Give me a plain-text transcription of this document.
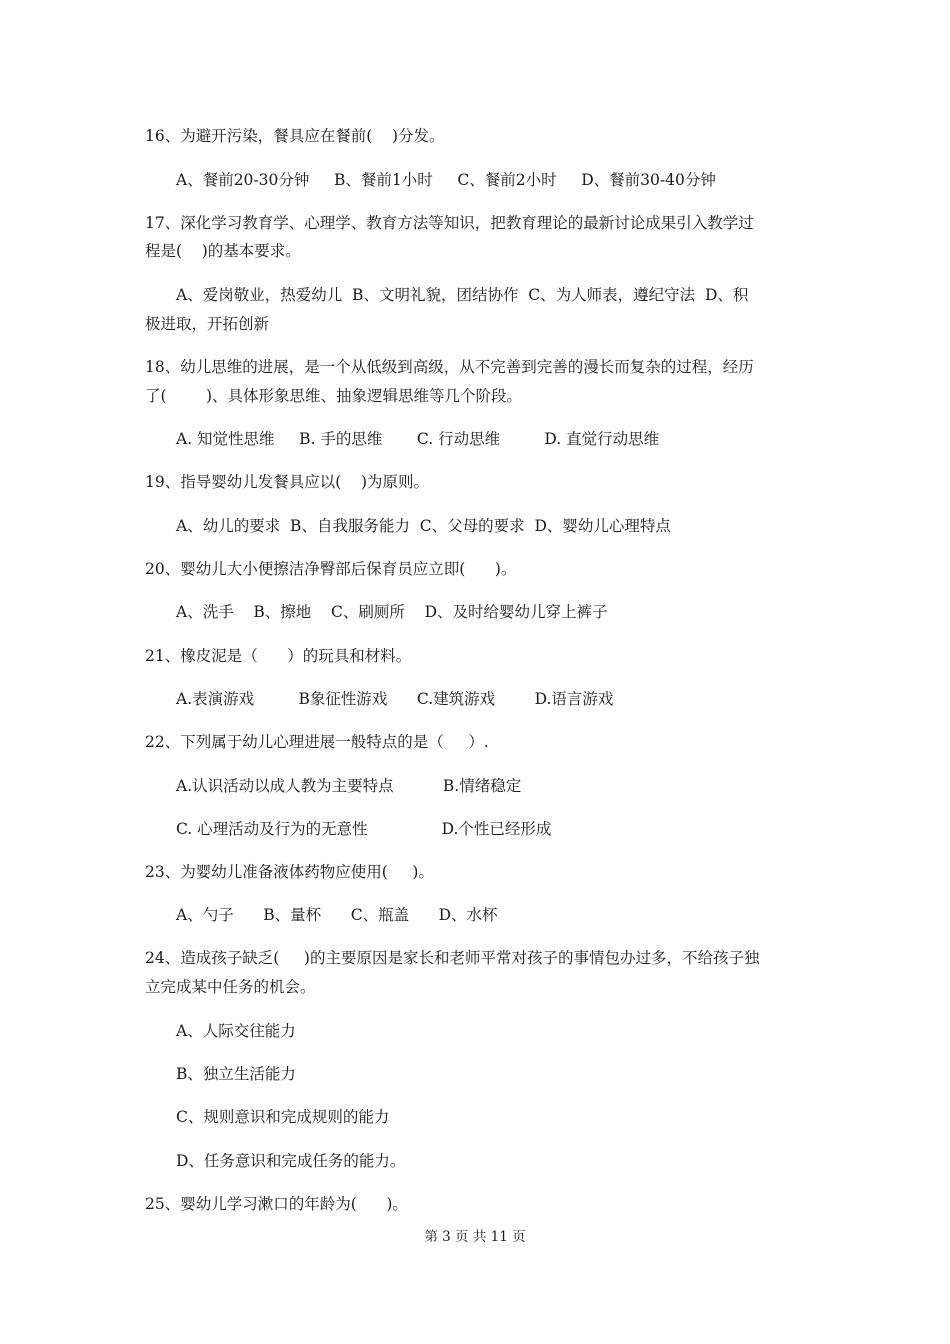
16、为避开污染，餐具应在餐前(    )分发。
A、餐前20-30分钟     B、餐前1小时     C、餐前2小时     D、餐前30-40分钟
17、深化学习教育学、心理学、教育方法等知识，把教育理论的最新讨论成果引入教学过
程是(    )的基本要求。
A、爱岗敬业，热爱幼儿  B、文明礼貌，团结协作  C、为人师表，遵纪守法  D、积
极进取，开拓创新
18、幼儿思维的进展，是一个从低级到高级，从不完善到完善的漫长而复杂的过程，经历
了(        )、具体形象思维、抽象逻辑思维等几个阶段。
A. 知觉性思维     B. 手的思维       C. 行动思维         D. 直觉行动思维
19、指导婴幼儿发餐具应以(    )为原则。
A、幼儿的要求  B、自我服务能力  C、父母的要求  D、婴幼儿心理特点
20、婴幼儿大小便擦洁净臀部后保育员应立即(      )。
A、洗手    B、擦地    C、刷厕所    D、及时给婴幼儿穿上裤子
21、橡皮泥是（      ）的玩具和材料。
A.表演游戏         B象征性游戏      C.建筑游戏        D.语言游戏
22、下列属于幼儿心理进展一般特点的是（     ）.
A.认识活动以成人教为主要特点          B.情绪稳定
C. 心理活动及行为的无意性               D.个性已经形成
23、为婴幼儿准备液体药物应使用(     )。
A、勺子      B、量杯      C、瓶盖      D、水杯
24、造成孩子缺乏(     )的主要原因是家长和老师平常对孩子的事情包办过多，不给孩子独
立完成某中任务的机会。
A、人际交往能力
B、独立生活能力
C、规则意识和完成规则的能力
D、任务意识和完成任务的能力。
25、婴幼儿学习漱口的年龄为(      )。
第 3 页 共 11 页
